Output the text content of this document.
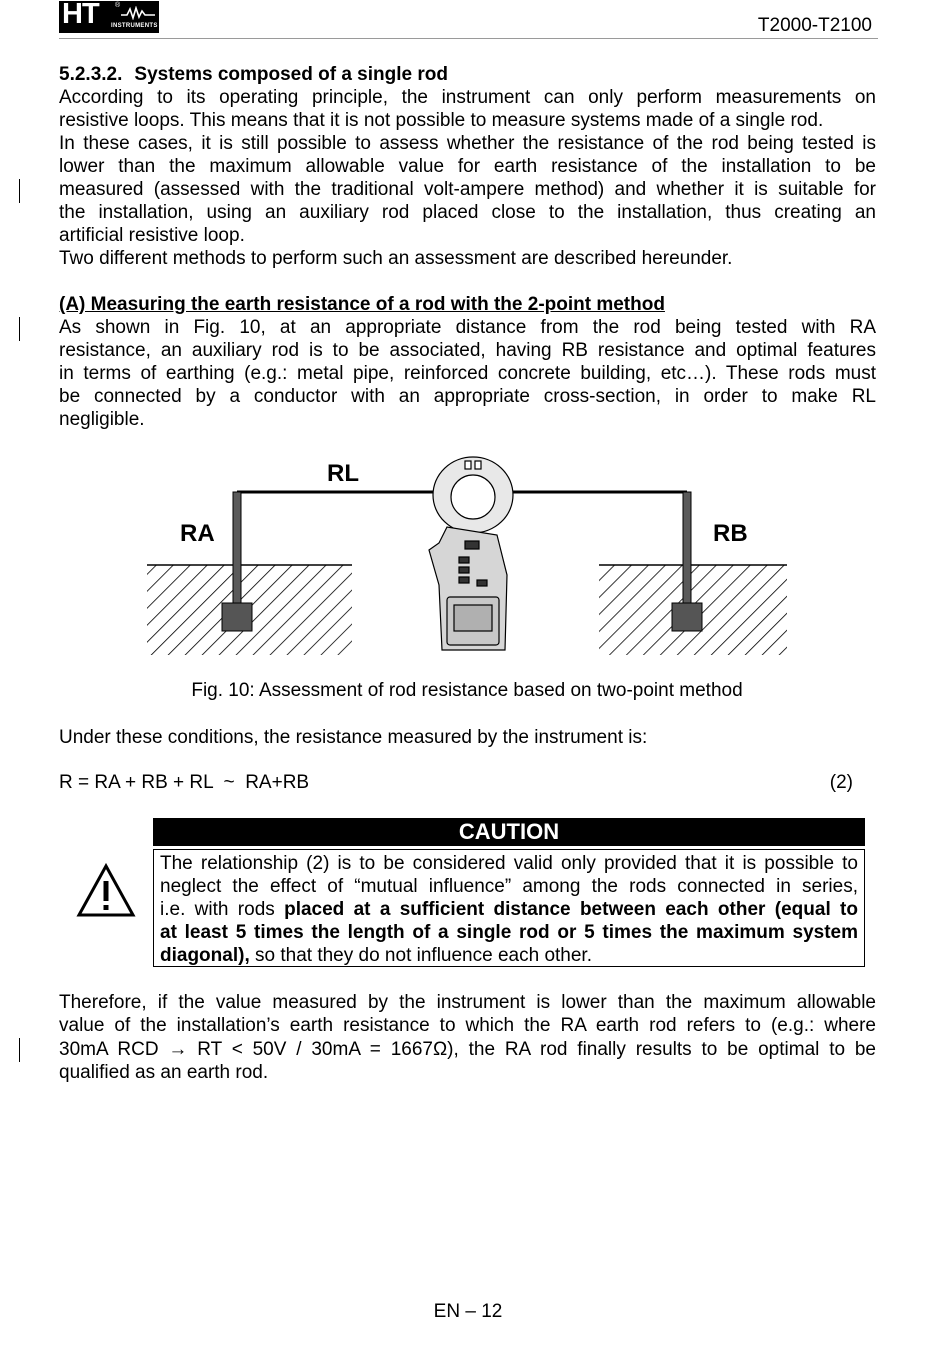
HT ®
INSTRUMENTS	T2000-T2100
5.2.3.2. Systems composed of a single rod
According to its operating principle, the instrument can only perform measurements on
resistive loops. This means that it is not possible to measure systems made of a single rod.
In these cases, it is still possible to assess whether the resistance of the rod being tested is
lower than the maximum allowable value for earth resistance of the installation to be
measured (assessed with the traditional volt-ampere method) and whether it is suitable for
the installation, using an auxiliary rod placed close to the installation, thus creating an
artificial resistive loop.
Two different methods to perform such an assessment are described hereunder.
(A) Measuring the earth resistance of a rod with the 2-point method
As shown in Fig. 10, at an appropriate distance from the rod being tested with RA
resistance, an auxiliary rod is to be associated, having RB resistance and optimal features
in terms of earthing (e.g.: metal pipe, reinforced concrete building, etc…). These rods must
be connected by a conductor with an appropriate cross-section, in order to make RL
negligible.
RL
RA	RB
Fig. 10: Assessment of rod resistance based on two-point method
Under these conditions, the resistance measured by the instrument is:
R = RA + RB + RL  ~  RA+RB	(2)
CAUTION
The relationship (2) is to be considered valid only provided that it is possible to
neglect the effect of “mutual influence” among the rods connected in series,
i.e. with rods placed at a sufficient distance between each other (equal to
at least 5 times the length of a single rod or 5 times the maximum system
diagonal), so that they do not influence each other.
Therefore, if the value measured by the instrument is lower than the maximum allowable
value of the installation’s earth resistance to which the RA earth rod refers to (e.g.: where
30mA RCD → RT < 50V / 30mA = 1667Ω), the RA rod finally results to be optimal to be
qualified as an earth rod.
EN – 12
